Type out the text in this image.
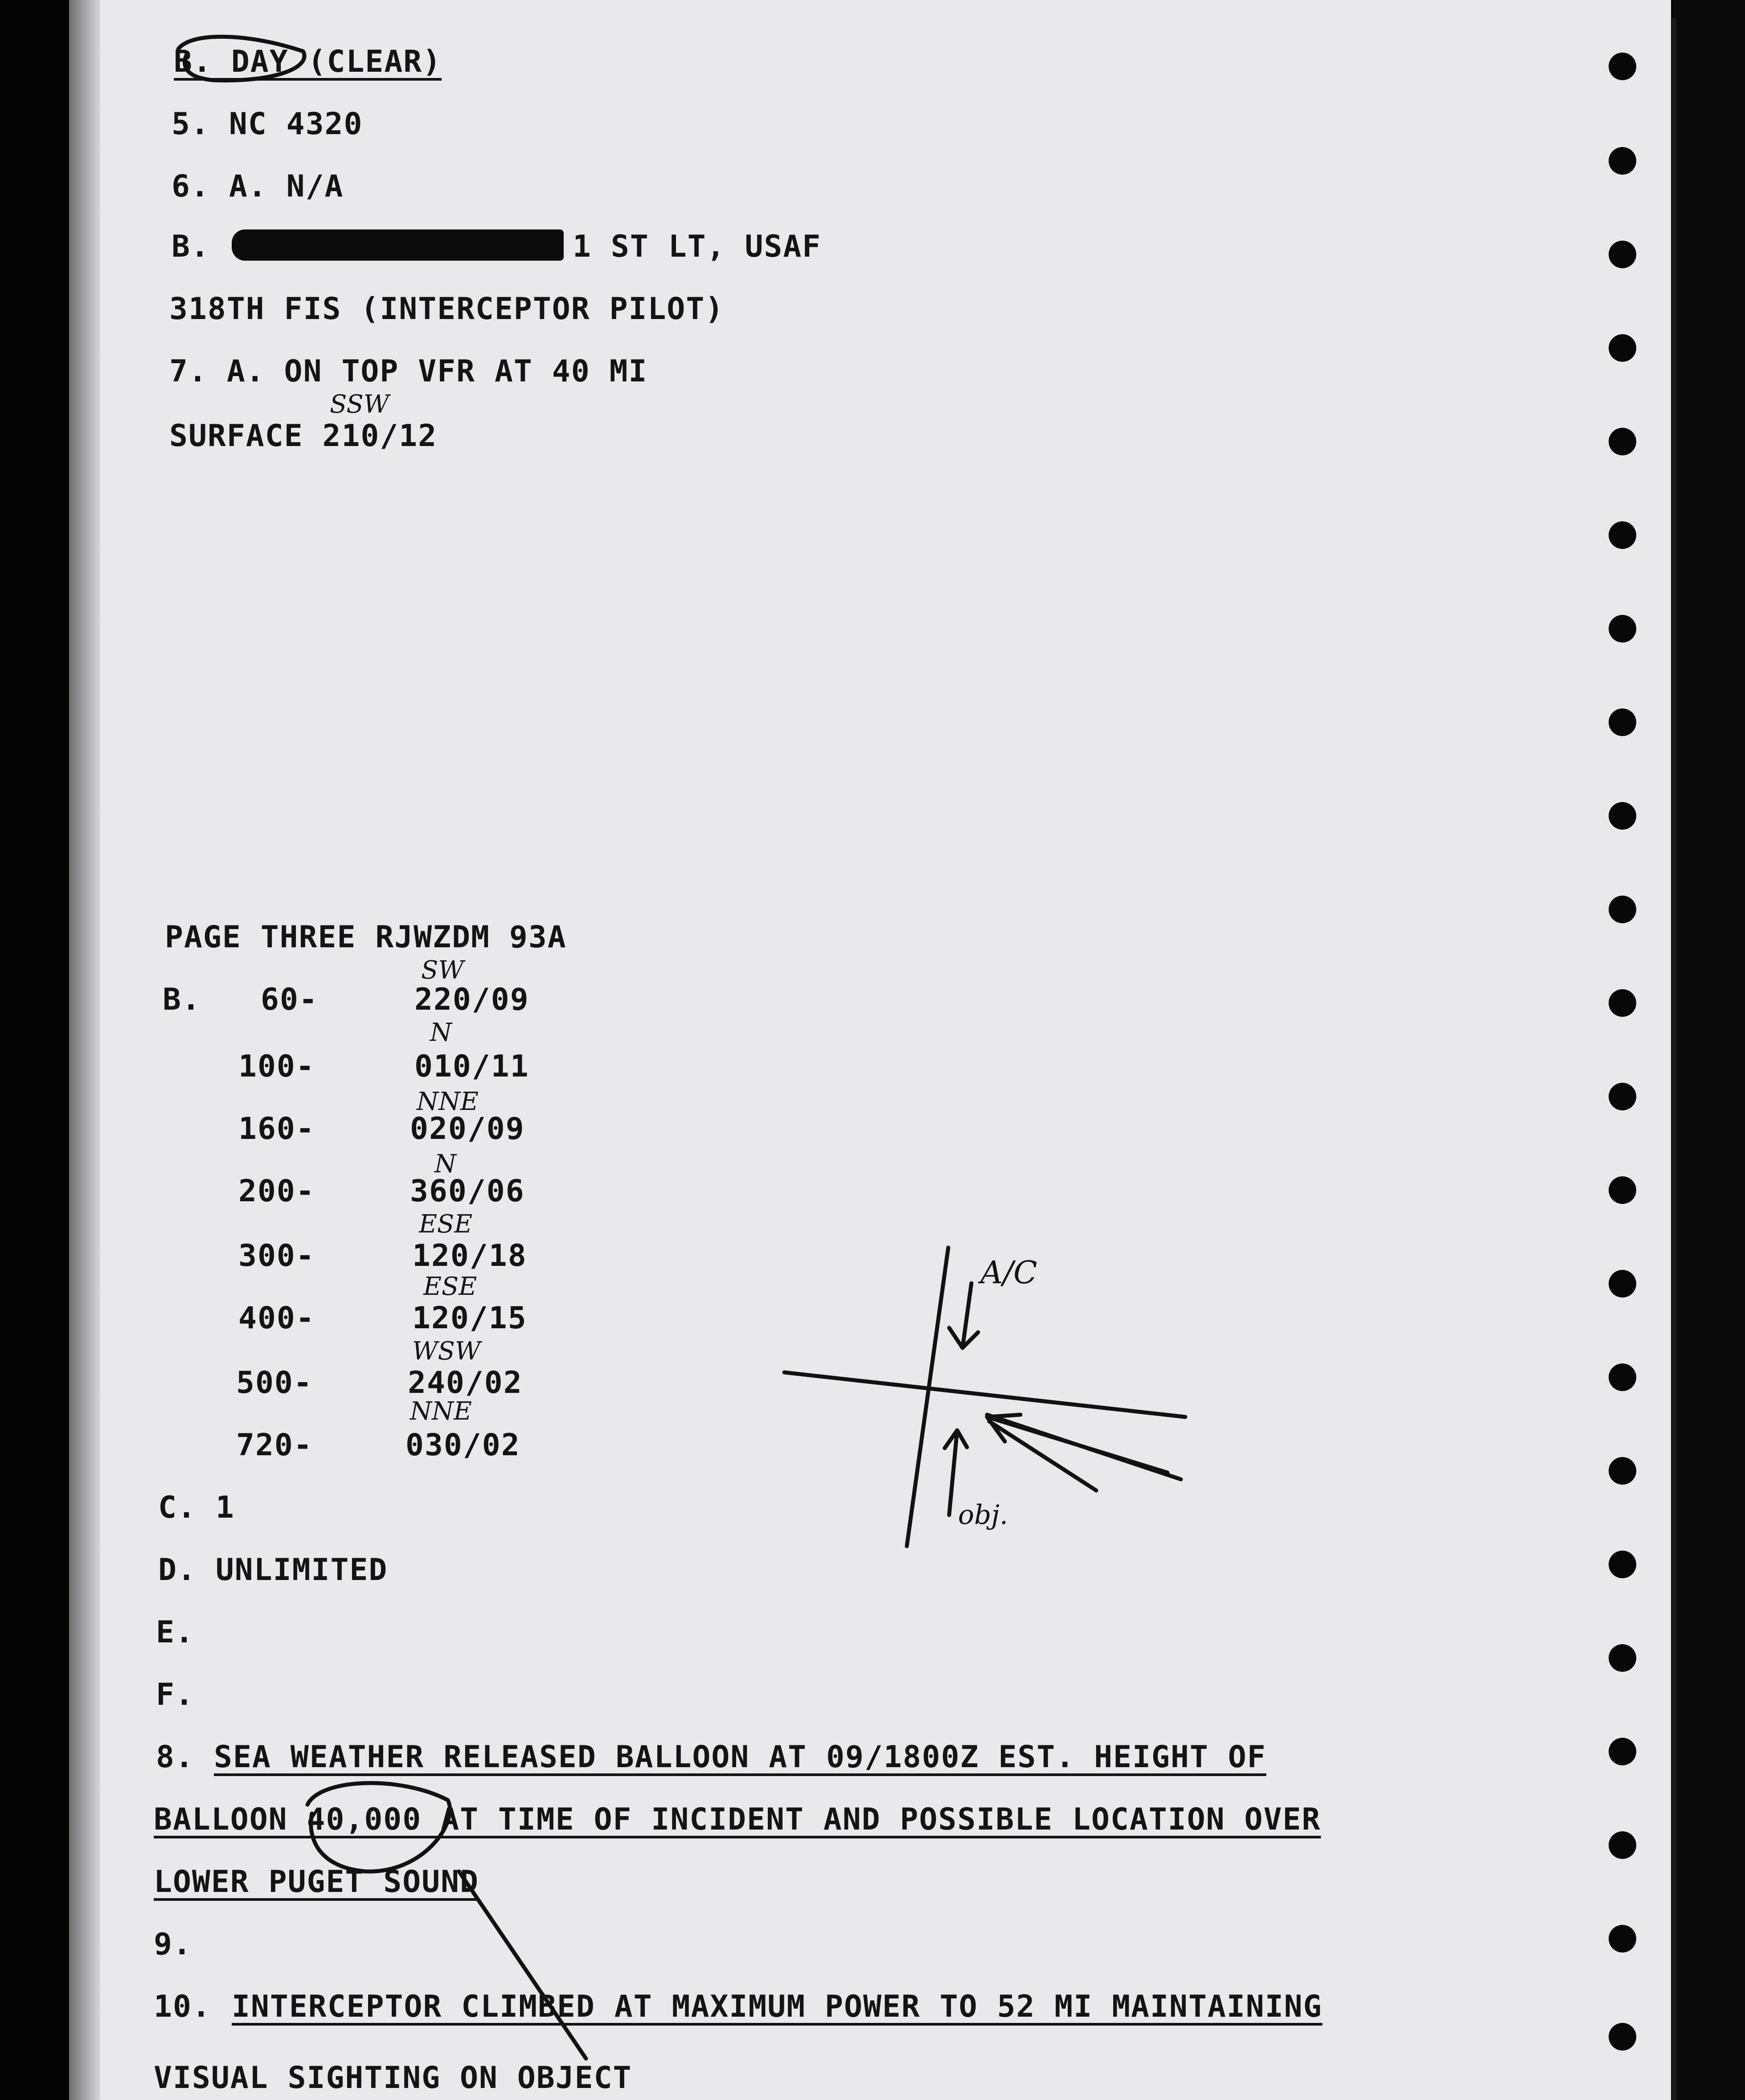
B. DAY (CLEAR)

5. NC 4320

6. A. N/A

B.	1 ST LT, USAF

318TH FIS (INTERCEPTOR PILOT)

7. A. ON TOP VFR AT 40 MI

SSW

SURFACE 210/12

PAGE THREE RJWZDM 93A

B.

SW

60-	220/09

N

100-	010/11

NNE

160-	020/09

N

200-	360/06

ESE

300-	120/18

ESE

400-	120/15

WSW

500-	240/02

NNE

720-	030/02

C. 1

D. UNLIMITED

E.

F.

8. SEA WEATHER RELEASED BALLOON AT 09/1800Z EST. HEIGHT OF

BALLOON 40,000 AT TIME OF INCIDENT AND POSSIBLE LOCATION OVER

LOWER PUGET SOUND

9.

10. INTERCEPTOR CLIMBED AT MAXIMUM POWER TO 52 MI MAINTAINING

VISUAL SIGHTING ON OBJECT

A/C
obj.
